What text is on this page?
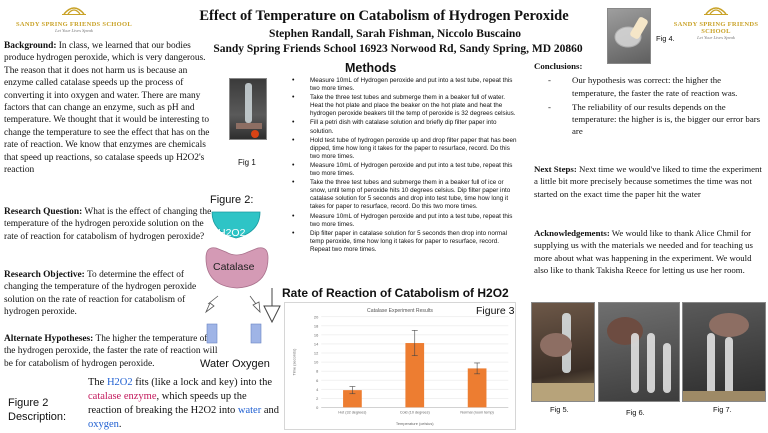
SANDY SPRING FRIENDS SCHOOL
Let Your Lives Speak
SANDY SPRING FRIENDS SCHOOL
Let Your Lives Speak
Effect of Temperature on Catabolism of Hydrogen Peroxide
Stephen Randall, Sarah Fishman, Niccolo Buscaino
Sandy Spring Friends School 16923 Norwood Rd, Sandy Spring, MD 20860
Background: In class, we learned that our bodies produce hydrogen peroxide, which is very dangerous. The reason that it does not harm us is because an enzyme called catalase speeds up the process of converting it into oxygen and water. There are many factors that can change an enzyme, such as pH and temperature. We thought that it would be interesting to change the temperature to see the effect that has on the rate of reaction. We know that enzymes are chemicals that speed up reactions, so catalase speeds up H2O2's reaction
Research Question: What is the effect of changing the temperature of the hydrogen peroxide solution on the rate of reaction for catabolism of hydrogen peroxide?
Research Objective: To determine the effect of changing the temperature of the hydrogen peroxide solution on the rate of reaction for catabolism of hydrogen peroxide.
Alternate Hypotheses: The higher the temperature of the hydrogen peroxide, the faster the rate of reaction will be for catabolism of hydrogen peroxide.
Fig 1
Figure 2:
H2O2
Catalase
Water Oxygen
Figure 2
Description:
The H2O2 fits (like a lock and key) into the catalase enzyme, which speeds up the reaction of breaking the H2O2 into water and oxygen.
Methods
• Measure 10mL of Hydrogen peroxide and put into a test tube, repeat this two more times.
• Take the three test tubes and submerge them in a beaker full of water. Heat the hot plate and place the beaker on the hot plate and heat the hydrogen peroxide beakers till the temp of peroxide is 32 degrees celsius.
• Fill a petri dish with catalase solution and briefly dip filter paper into solution.
• Hold test tube of hydrogen peroxide up and drop filter paper that has been dipped, time how long it takes for the paper to resurface, record. Do this two more times.
• Measure 10mL of Hydrogen peroxide and put into a test tube, repeat this two more times.
• Take the three test tubes and submerge them in a beaker full of ice or snow, until temp of peroxide hits 10 degrees celsius. Dip filter paper into catalase solution for 5 seconds and drop into test tube, time how long it takes for paper to resurface, record. Do this two more times.
• Measure 10mL of Hydrogen peroxide and put into a test tube, repeat this two more times.
• Dip filter paper in catalase solution for 5 seconds then drop into normal temp peroxide, time how long it takes for paper to resurface, record. Repeat two more times.
Rate of Reaction of Catabolism of H2O2
Figure 3
Catalase Experiment Results
0
2
4
6
8
10
12
14
16
18
20
Hot (32 degrees)	Cold (10 degrees)	Normal (room temp)
Temperature (celsius)
Time (seconds)
Fig 4.
Conclusions:
- Our hypothesis was correct: the higher the temperature, the faster the rate of reaction was.
- The reliability of our results depends on the temperature: the higher is is, the bigger our error bars are
Next Steps: Next time we would've liked to time the experiment a little bit more precisely because sometimes the time was not started on the exact time the paper hit the water
Acknowledgements: We would like to thank Alice Chmil for supplying us with the materials we needed and for teaching us more about what was happening in the experiment. We would also like to thank Takisha Reece for letting us use her room.
Fig 5.	Fig 6.	Fig 7.
